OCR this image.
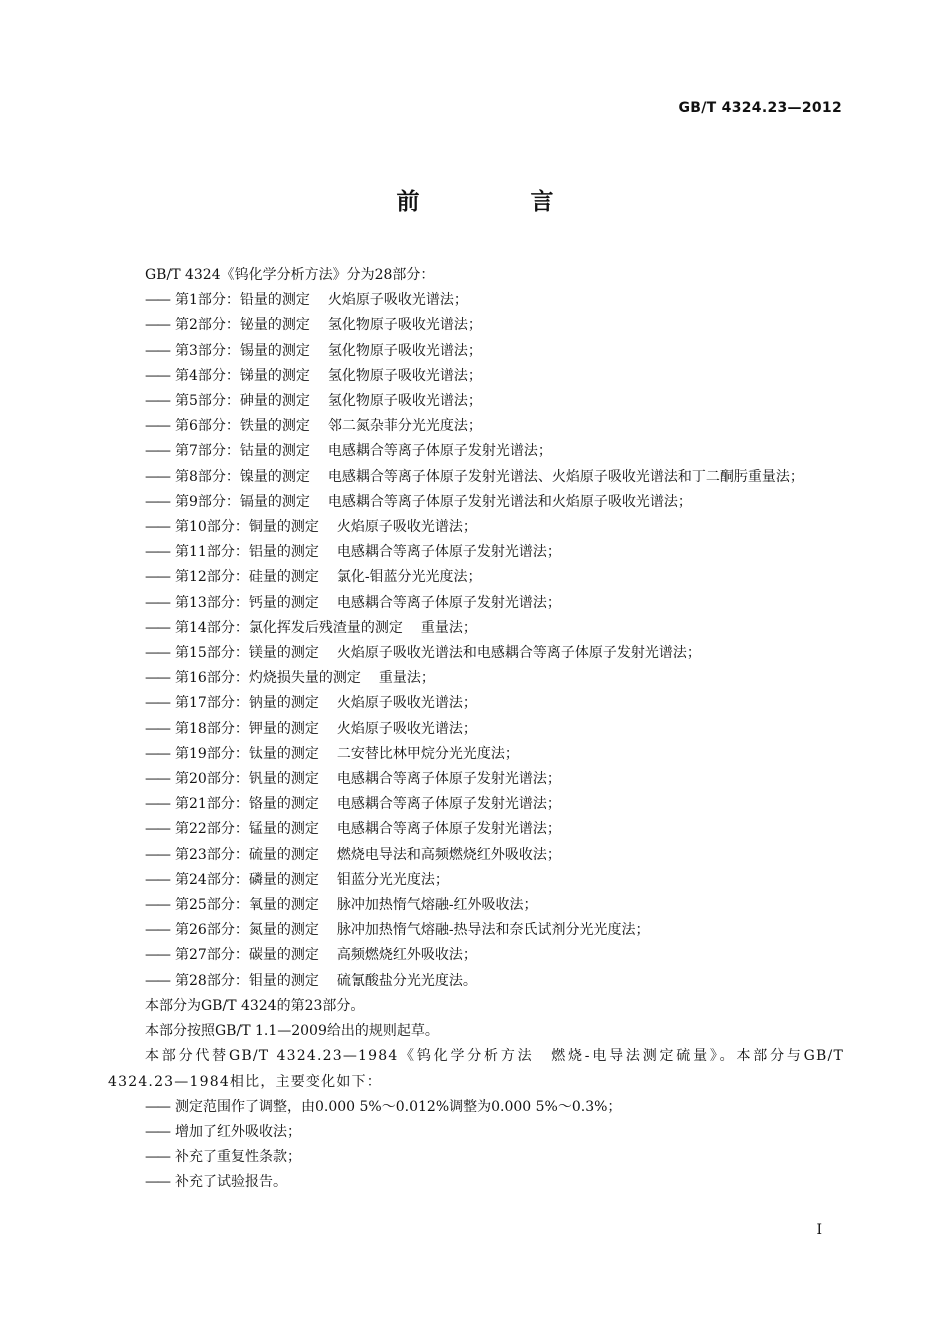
GB/T 4324.23—2012
前　言

GB/T 4324《钨化学分析方法》分为28部分：

—— 第1部分：铅量的测定 火焰原子吸收光谱法；
—— 第2部分：铋量的测定 氢化物原子吸收光谱法；
—— 第3部分：锡量的测定 氢化物原子吸收光谱法；
—— 第4部分：锑量的测定 氢化物原子吸收光谱法；
—— 第5部分：砷量的测定 氢化物原子吸收光谱法；
—— 第6部分：铁量的测定 邻二氮杂菲分光光度法；
—— 第7部分：钴量的测定 电感耦合等离子体原子发射光谱法；
—— 第8部分：镍量的测定 电感耦合等离子体原子发射光谱法、火焰原子吸收光谱法和丁二酮肟重量法；
—— 第9部分：镉量的测定 电感耦合等离子体原子发射光谱法和火焰原子吸收光谱法；
—— 第10部分：铜量的测定 火焰原子吸收光谱法；
—— 第11部分：铝量的测定 电感耦合等离子体原子发射光谱法；
—— 第12部分：硅量的测定 氯化-钼蓝分光光度法；
—— 第13部分：钙量的测定 电感耦合等离子体原子发射光谱法；
—— 第14部分：氯化挥发后残渣量的测定 重量法；
—— 第15部分：镁量的测定 火焰原子吸收光谱法和电感耦合等离子体原子发射光谱法；
—— 第16部分：灼烧损失量的测定 重量法；
—— 第17部分：钠量的测定 火焰原子吸收光谱法；
—— 第18部分：钾量的测定 火焰原子吸收光谱法；
—— 第19部分：钛量的测定 二安替比林甲烷分光光度法；
—— 第20部分：钒量的测定 电感耦合等离子体原子发射光谱法；
—— 第21部分：铬量的测定 电感耦合等离子体原子发射光谱法；
—— 第22部分：锰量的测定 电感耦合等离子体原子发射光谱法；
—— 第23部分：硫量的测定 燃烧电导法和高频燃烧红外吸收法；
—— 第24部分：磷量的测定 钼蓝分光光度法；
—— 第25部分：氧量的测定 脉冲加热惰气熔融-红外吸收法；
—— 第26部分：氮量的测定 脉冲加热惰气熔融-热导法和奈氏试剂分光光度法；
—— 第27部分：碳量的测定 高频燃烧红外吸收法；
—— 第28部分：钼量的测定 硫氰酸盐分光光度法。

本部分为GB/T 4324的第23部分。

本部分按照GB/T 1.1—2009给出的规则起草。

本部分代替GB/T 4324.23—1984《钨化学分析方法　燃烧-电导法测定硫量》。本部分与GB/T 4324.23—1984相比，主要变化如下：

—— 测定范围作了调整，由0.000 5%～0.012%调整为0.000 5%～0.3%；
—— 增加了红外吸收法；
—— 补充了重复性条款；
—— 补充了试验报告。
I
